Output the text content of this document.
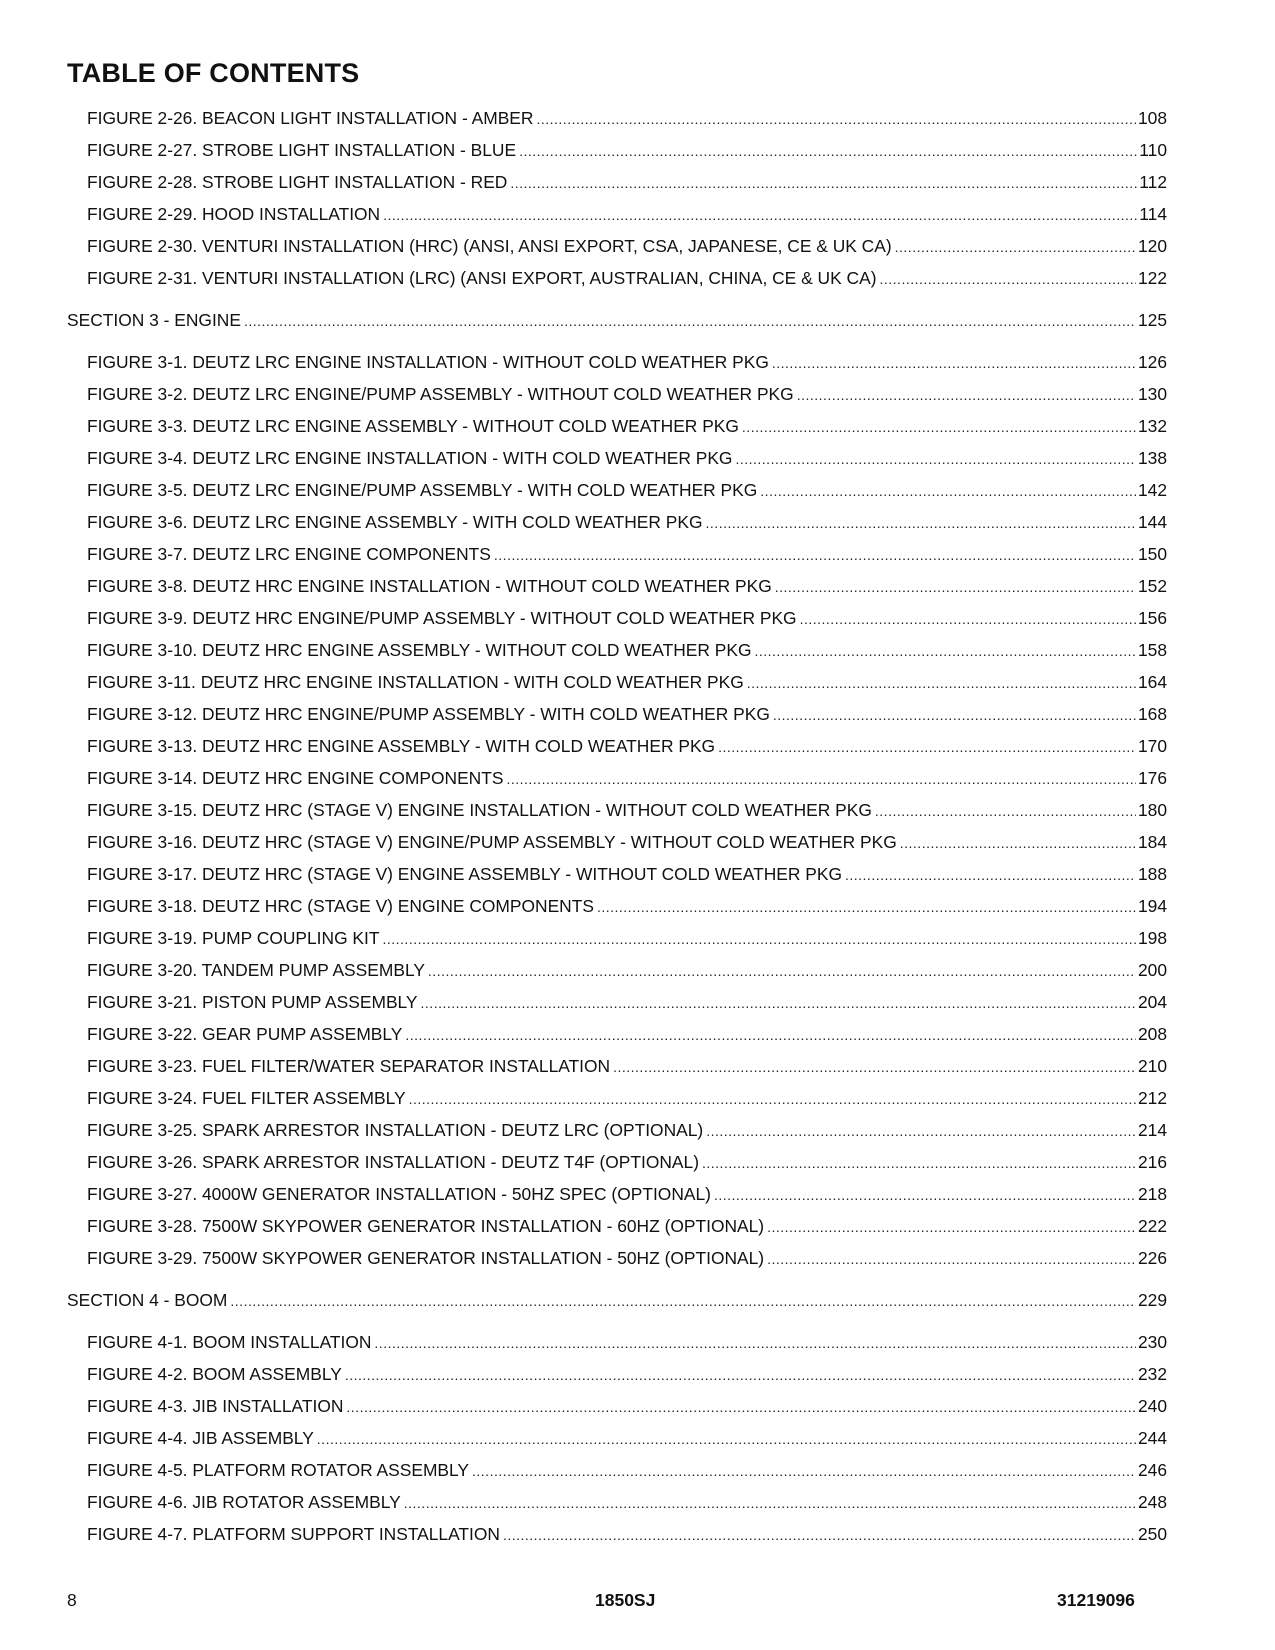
TABLE OF CONTENTS
FIGURE 2-26. BEACON LIGHT INSTALLATION - AMBER .....	108
FIGURE 2-27. STROBE LIGHT INSTALLATION - BLUE .....	110
FIGURE 2-28. STROBE LIGHT INSTALLATION - RED .....	112
FIGURE 2-29. HOOD INSTALLATION .....	114
FIGURE 2-30. VENTURI INSTALLATION (HRC) (ANSI, ANSI EXPORT, CSA, JAPANESE, CE & UK CA) .....	120
FIGURE 2-31. VENTURI INSTALLATION (LRC) (ANSI EXPORT, AUSTRALIAN, CHINA, CE & UK CA) .....	122
SECTION 3 - ENGINE .....	125
FIGURE 3-1. DEUTZ LRC ENGINE INSTALLATION - WITHOUT COLD WEATHER PKG .....	126
FIGURE 3-2. DEUTZ LRC ENGINE/PUMP ASSEMBLY - WITHOUT COLD WEATHER PKG .....	130
FIGURE 3-3. DEUTZ LRC ENGINE ASSEMBLY - WITHOUT COLD WEATHER PKG .....	132
FIGURE 3-4. DEUTZ LRC ENGINE INSTALLATION - WITH COLD WEATHER PKG .....	138
FIGURE 3-5. DEUTZ LRC ENGINE/PUMP ASSEMBLY - WITH COLD WEATHER PKG .....	142
FIGURE 3-6. DEUTZ LRC ENGINE ASSEMBLY - WITH COLD WEATHER PKG .....	144
FIGURE 3-7. DEUTZ LRC ENGINE COMPONENTS .....	150
FIGURE 3-8. DEUTZ HRC ENGINE INSTALLATION - WITHOUT COLD WEATHER PKG .....	152
FIGURE 3-9. DEUTZ HRC ENGINE/PUMP ASSEMBLY - WITHOUT COLD WEATHER PKG .....	156
FIGURE 3-10. DEUTZ HRC ENGINE ASSEMBLY - WITHOUT COLD WEATHER PKG .....	158
FIGURE 3-11. DEUTZ HRC ENGINE INSTALLATION - WITH COLD WEATHER PKG .....	164
FIGURE 3-12. DEUTZ HRC ENGINE/PUMP ASSEMBLY - WITH COLD WEATHER PKG .....	168
FIGURE 3-13. DEUTZ HRC ENGINE ASSEMBLY - WITH COLD WEATHER PKG .....	170
FIGURE 3-14. DEUTZ HRC ENGINE COMPONENTS .....	176
FIGURE 3-15. DEUTZ HRC (STAGE V) ENGINE INSTALLATION - WITHOUT COLD WEATHER PKG .....	180
FIGURE 3-16. DEUTZ HRC (STAGE V) ENGINE/PUMP ASSEMBLY - WITHOUT COLD WEATHER PKG .....	184
FIGURE 3-17. DEUTZ HRC (STAGE V) ENGINE ASSEMBLY - WITHOUT COLD WEATHER PKG .....	188
FIGURE 3-18. DEUTZ HRC (STAGE V) ENGINE COMPONENTS .....	194
FIGURE 3-19. PUMP COUPLING KIT .....	198
FIGURE 3-20. TANDEM PUMP ASSEMBLY .....	200
FIGURE 3-21. PISTON PUMP ASSEMBLY .....	204
FIGURE 3-22. GEAR PUMP ASSEMBLY .....	208
FIGURE 3-23. FUEL FILTER/WATER SEPARATOR INSTALLATION .....	210
FIGURE 3-24. FUEL FILTER ASSEMBLY .....	212
FIGURE 3-25. SPARK ARRESTOR INSTALLATION - DEUTZ LRC (OPTIONAL) .....	214
FIGURE 3-26. SPARK ARRESTOR INSTALLATION - DEUTZ T4F (OPTIONAL) .....	216
FIGURE 3-27. 4000W GENERATOR INSTALLATION - 50HZ SPEC (OPTIONAL) .....	218
FIGURE 3-28. 7500W SKYPOWER GENERATOR INSTALLATION - 60HZ (OPTIONAL) .....	222
FIGURE 3-29. 7500W SKYPOWER GENERATOR INSTALLATION - 50HZ (OPTIONAL) .....	226
SECTION 4 - BOOM .....	229
FIGURE 4-1. BOOM INSTALLATION .....	230
FIGURE 4-2. BOOM ASSEMBLY .....	232
FIGURE 4-3. JIB INSTALLATION .....	240
FIGURE 4-4. JIB ASSEMBLY .....	244
FIGURE 4-5. PLATFORM ROTATOR ASSEMBLY .....	246
FIGURE 4-6. JIB ROTATOR ASSEMBLY .....	248
FIGURE 4-7. PLATFORM SUPPORT INSTALLATION .....	250
8	1850SJ	31219096
